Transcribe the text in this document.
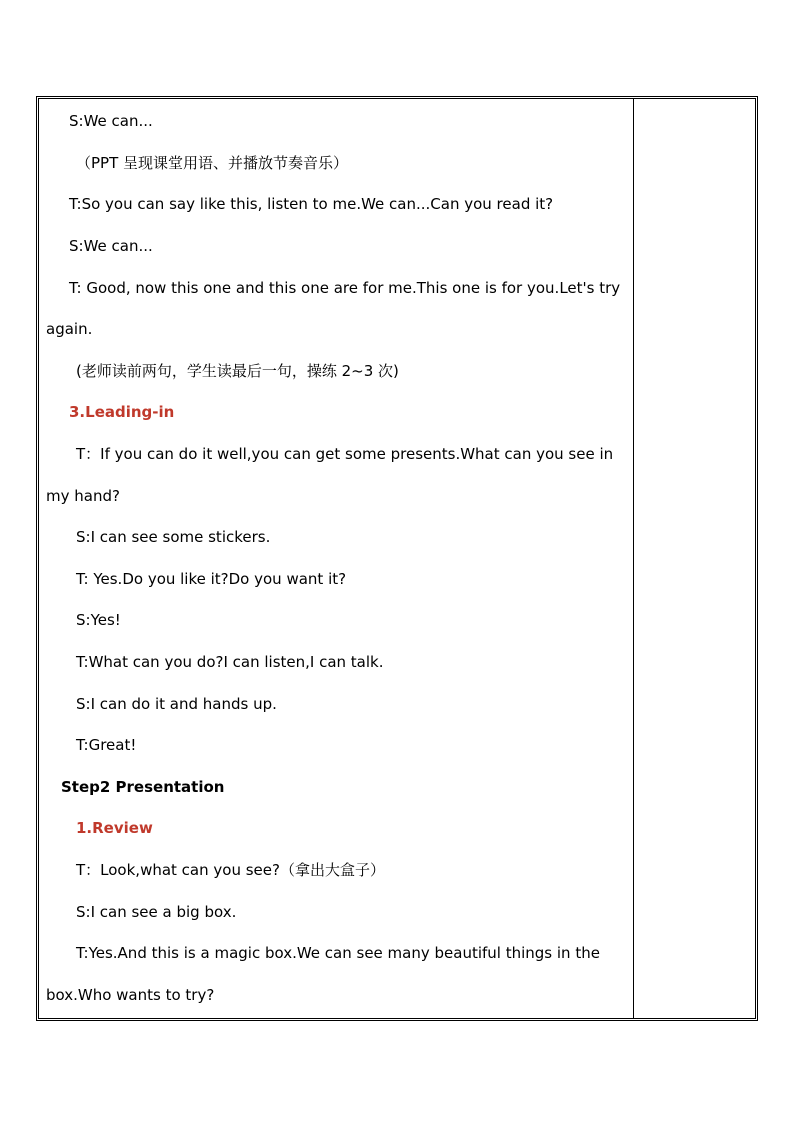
S:We can...
（PPT 呈现课堂用语、并播放节奏音乐）
T:So you can say like this, listen to me.We can...Can you read it?
S:We can...
T: Good, now this one and this one are for me.This one is for you.Let's try
again.
(老师读前两句，学生读最后一句，操练 2~3 次)
3.Leading-in
T：If you can do it well,you can get some presents.What can you see in
my hand?
S:I can see some stickers.
T: Yes.Do you like it?Do you want it?
S:Yes!
T:What can you do?I can listen,I can talk.
S:I can do it and hands up.
T:Great!
Step2 Presentation
1.Review
T：Look,what can you see?（拿出大盒子）
S:I can see a big box.
T:Yes.And this is a magic box.We can see many beautiful things in the
box.Who wants to try?
